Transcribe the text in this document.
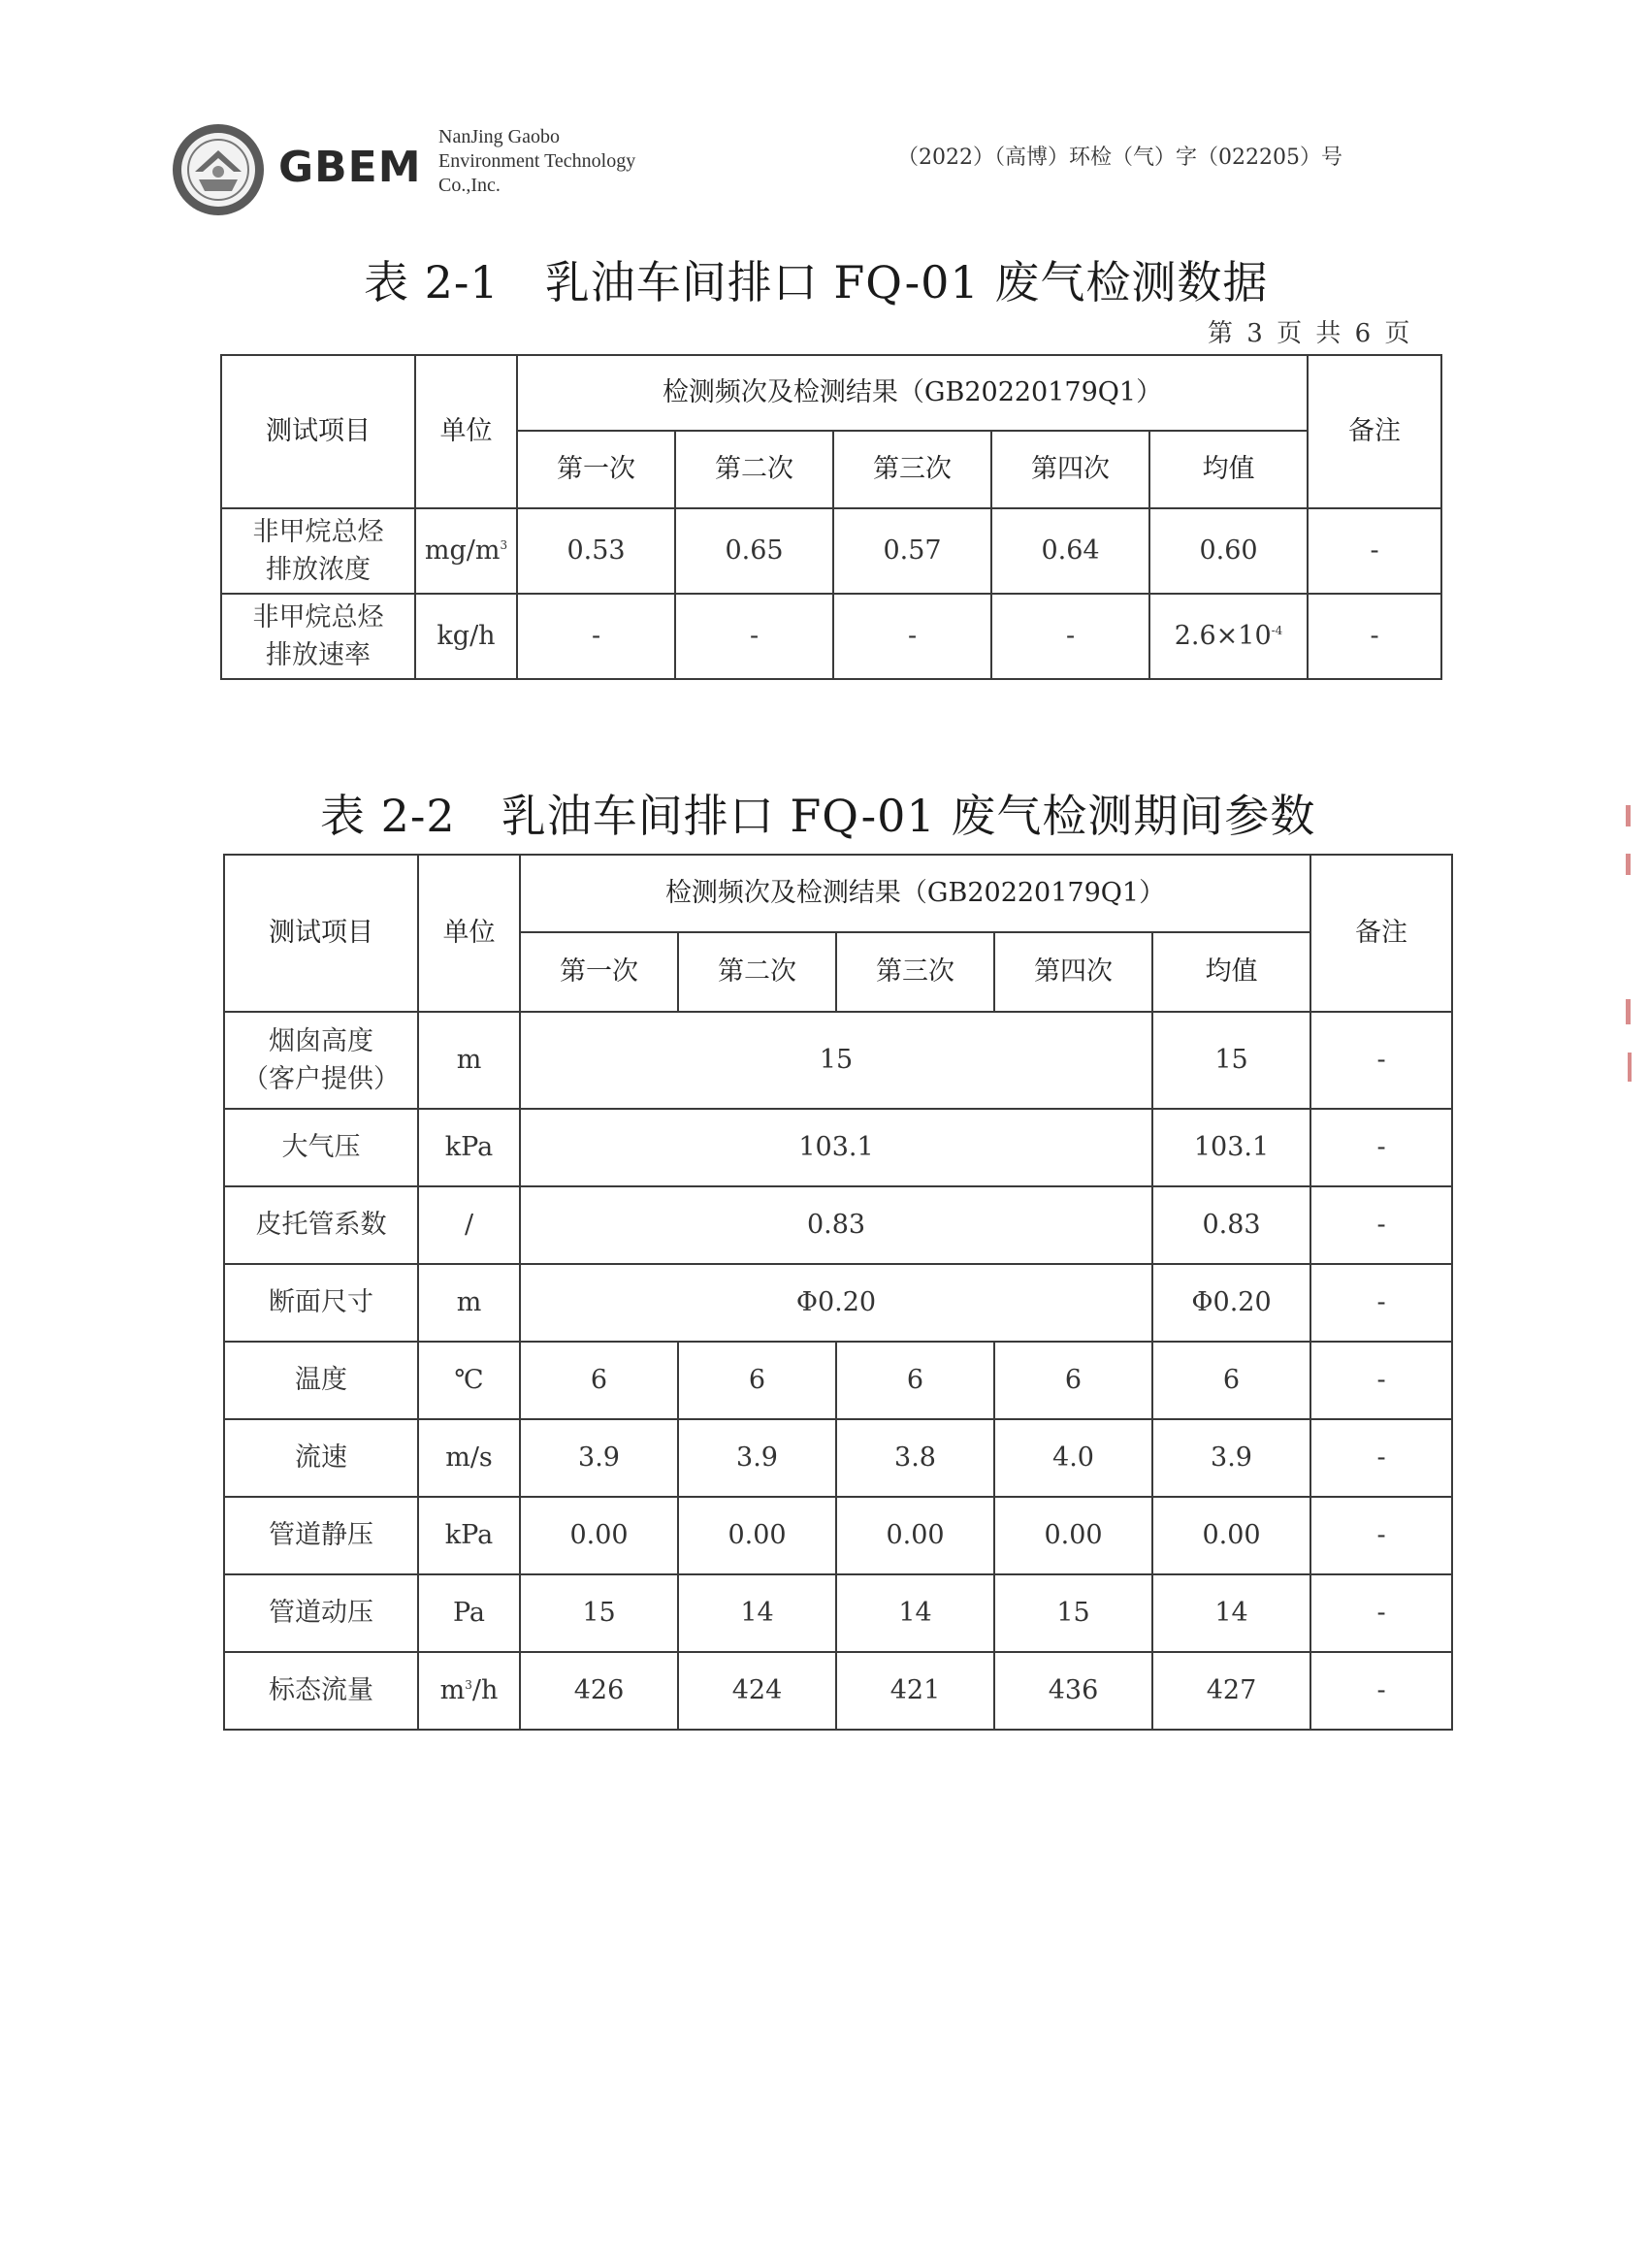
GBEM
NanJing Gaobo
Environment Technology
Co.,Inc.
（2022）（高博）环检（气）字（022205）号
表 2-1　乳油车间排口 FQ-01 废气检测数据
第 3 页 共 6 页
测试项目	单位	检测频次及检测结果（GB20220179Q1）					备注
		第一次	第二次	第三次	第四次	均值	

非甲烷总烃
排放浓度	$mg/m^3$	0.53	0.65	0.57	0.64	0.60	-

非甲烷总烃
排放速率	kg/h	-	-	-	-	$2.6\times 10^{-4}$	-
表 2-2　乳油车间排口 FQ-01 废气检测期间参数
测试项目	单位	检测频次及检测结果（GB20220179Q1）					备注
		第一次	第二次	第三次	第四次	均值	

烟囱高度
（客户提供）	m	15				15	-
大气压	kPa	103.1				103.1	-
皮托管系数	/	0.83				0.83	-
断面尺寸	m	Φ0.20				Φ0.20	-
温度	℃	6	6	6	6	6	-
流速	m/s	3.9	3.9	3.8	4.0	3.9	-
管道静压	kPa	0.00	0.00	0.00	0.00	0.00	-
管道动压	Pa	15	14	14	15	14	-
标态流量	$m^3/h$	426	424	421	436	427	-
